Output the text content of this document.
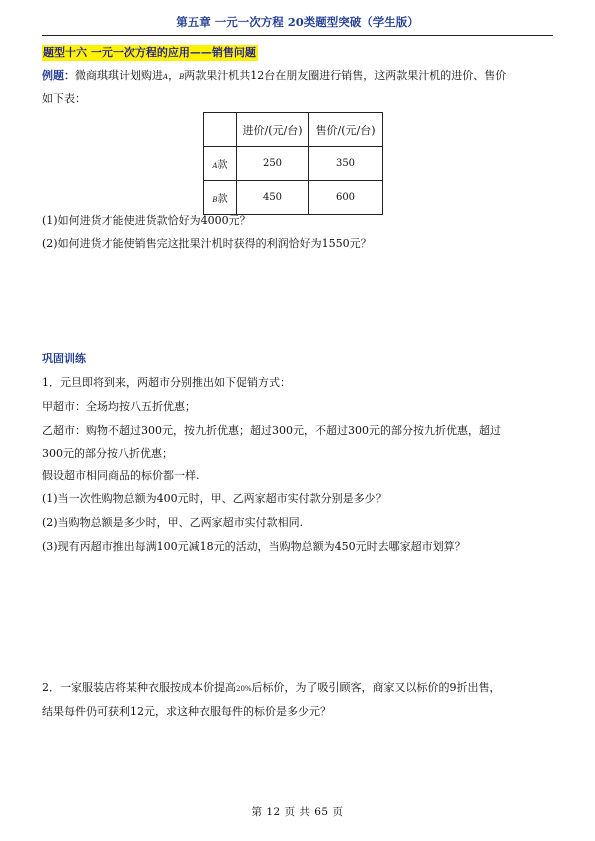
第五章 一元一次方程 20类题型突破（学生版）
题型十六 一元一次方程的应用——销售问题
例题：微商琪琪计划购进A，B两款果汁机共12台在朋友圈进行销售，这两款果汁机的进价、售价
如下表：
	进价/(元/台)	售价/(元/台)
A款	250	350
B款	450	600
(1)如何进货才能使进货款恰好为4000元？
(2)如何进货才能使销售完这批果汁机时获得的利润恰好为1550元？
巩固训练
1．元旦即将到来，两超市分别推出如下促销方式：
甲超市：全场均按八五折优惠；
乙超市：购物不超过300元，按九折优惠；超过300元，不超过300元的部分按九折优惠，超过
300元的部分按八折优惠；
假设超市相同商品的标价都一样.
(1)当一次性购物总额为400元时，甲、乙两家超市实付款分别是多少？
(2)当购物总额是多少时，甲、乙两家超市实付款相同.
(3)现有丙超市推出每满100元减18元的活动，当购物总额为450元时去哪家超市划算？
2．一家服装店将某种衣服按成本价提高20%后标价，为了吸引顾客，商家又以标价的9折出售，
结果每件仍可获利12元，求这种衣服每件的标价是多少元？
第 12 页 共 65 页
